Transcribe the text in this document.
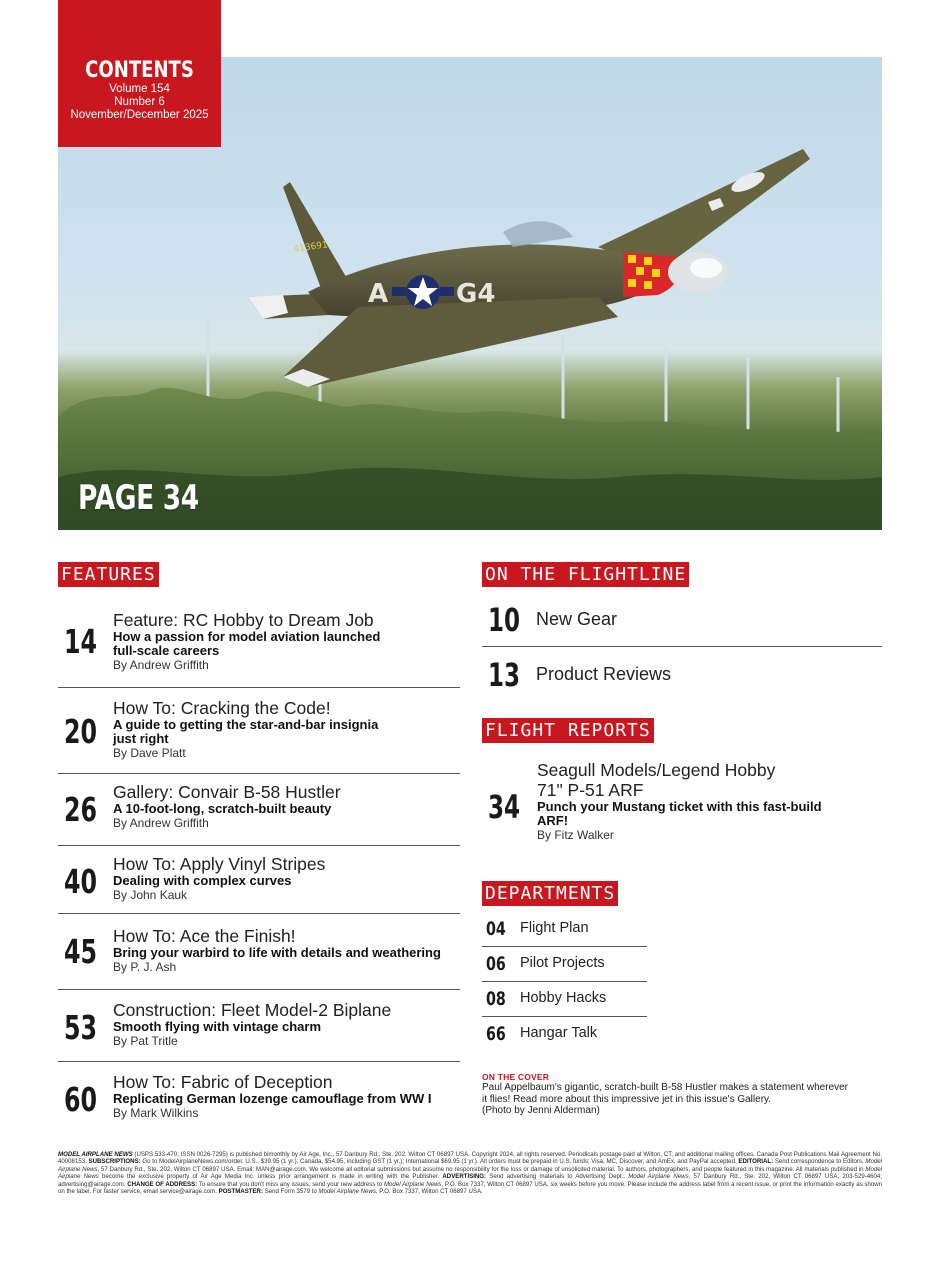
A	G4
413691
CONTENTS
Volume 154
Number 6
November/December 2025
PAGE 34
FEATURES
14
Feature: RC Hobby to Dream Job
How a passion for model aviation launched
full-scale careers
By Andrew Griffith
20
How To: Cracking the Code!
A guide to getting the star-and-bar insignia
just right
By Dave Platt
26 Gallery: Convair B-58 Hustler
A 10-foot-long, scratch-built beauty
By Andrew Griffith
40 How To: Apply Vinyl Stripes
Dealing with complex curves
By John Kauk
45 How To: Ace the Finish!
Bring your warbird to life with details and weathering
By P. J. Ash
53 Construction: Fleet Model-2 Biplane
Smooth flying with vintage charm
By Pat Tritle
60 How To: Fabric of Deception
Replicating German lozenge camouflage from WW I
By Mark Wilkins
ON THE FLIGHTLINE
10 New Gear
13 Product Reviews
FLIGHT REPORTS
34
Seagull Models/Legend Hobby
71" P-51 ARF
Punch your Mustang ticket with this fast-build
ARF!
By Fitz Walker
DEPARTMENTS
04 Flight Plan
06 Pilot Projects
08 Hobby Hacks
66 Hangar Talk
ON THE COVER
Paul Appelbaum's gigantic, scratch-built B-58 Hustler makes a statement wherever
it flies! Read more about this impressive jet in this issue's Gallery.
(Photo by Jenni Alderman)
MODEL AIRPLANE NEWS (USPS 533-470; ISSN 0026-7295) is published bimonthly by Air Age, Inc., 57 Danbury Rd., Ste. 202, Wilton CT 06897 USA. Copyright 2024, all rights reserved. Periodicals postage paid at Wilton, CT, and additional mailing offices. Canada Post Publications Mail Agreement No. 40008153. SUBSCRIPTIONS: Go to ModelAirplaneNews.com/order. U.S., $39.95 (1 yr.); Canada, $54.95, including GST (1 yr.); International $69.95 (1 yr.). All orders must be prepaid in U.S. funds; Visa, MC, Discover, and AmEx, and PayPal accepted. EDITORIAL: Send correspondence to Editors, Model Airplane News, 57 Danbury Rd., Ste. 202, Wilton CT 06897 USA. Email: MAN@airage.com. We welcome all editorial submissions but assume no responsibility for the loss or damage of unsolicited material. To authors, photographers, and people featured in this magazine: All materials published in Model Airplane News become the exclusive property of Air Age Media Inc. unless prior arrangement is made in writing with the Publisher. ADVERTISING: Send advertising materials to Advertising Dept., Model Airplane News, 57 Danbury Rd., Ste. 202, Wilton CT 06897 USA; 203-529-4604; advertising@airage.com. CHANGE OF ADDRESS: To ensure that you don't miss any issues, send your new address to Model Airplane News, P.O. Box 7337, Wilton CT 06897 USA, six weeks before you move. Please include the address label from a recent issue, or print the information exactly as shown on the label. For faster service, email service@airage.com. POSTMASTER: Send Form 3579 to Model Airplane News, P.O. Box 7337, Wilton CT 06897 USA.
